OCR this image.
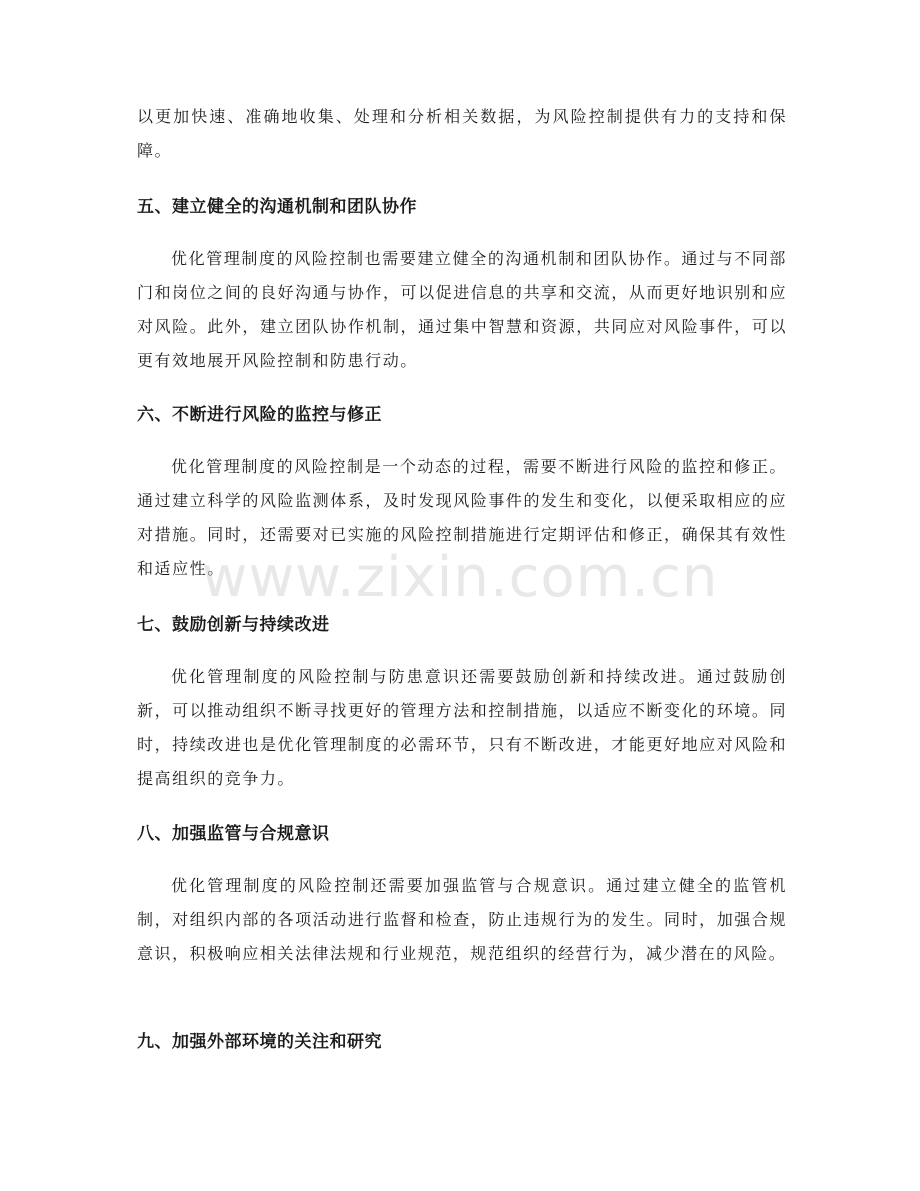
以更加快速、准确地收集、处理和分析相关数据，为风险控制提供有力的支持和保障。

五、建立健全的沟通机制和团队协作

优化管理制度的风险控制也需要建立健全的沟通机制和团队协作。通过与不同部门和岗位之间的良好沟通与协作，可以促进信息的共享和交流，从而更好地识别和应对风险。此外，建立团队协作机制，通过集中智慧和资源，共同应对风险事件，可以更有效地展开风险控制和防患行动。

六、不断进行风险的监控与修正

优化管理制度的风险控制是一个动态的过程，需要不断进行风险的监控和修正。通过建立科学的风险监测体系，及时发现风险事件的发生和变化，以便采取相应的应对措施。同时，还需要对已实施的风险控制措施进行定期评估和修正，确保其有效性和适应性。

七、鼓励创新与持续改进

优化管理制度的风险控制与防患意识还需要鼓励创新和持续改进。通过鼓励创新，可以推动组织不断寻找更好的管理方法和控制措施，以适应不断变化的环境。同时，持续改进也是优化管理制度的必需环节，只有不断改进，才能更好地应对风险和提高组织的竞争力。

八、加强监管与合规意识

优化管理制度的风险控制还需要加强监管与合规意识。通过建立健全的监管机制，对组织内部的各项活动进行监督和检查，防止违规行为的发生。同时，加强合规意识，积极响应相关法律法规和行业规范，规范组织的经营行为，减少潜在的风险。

九、加强外部环境的关注和研究
www.zixin.com.cn
